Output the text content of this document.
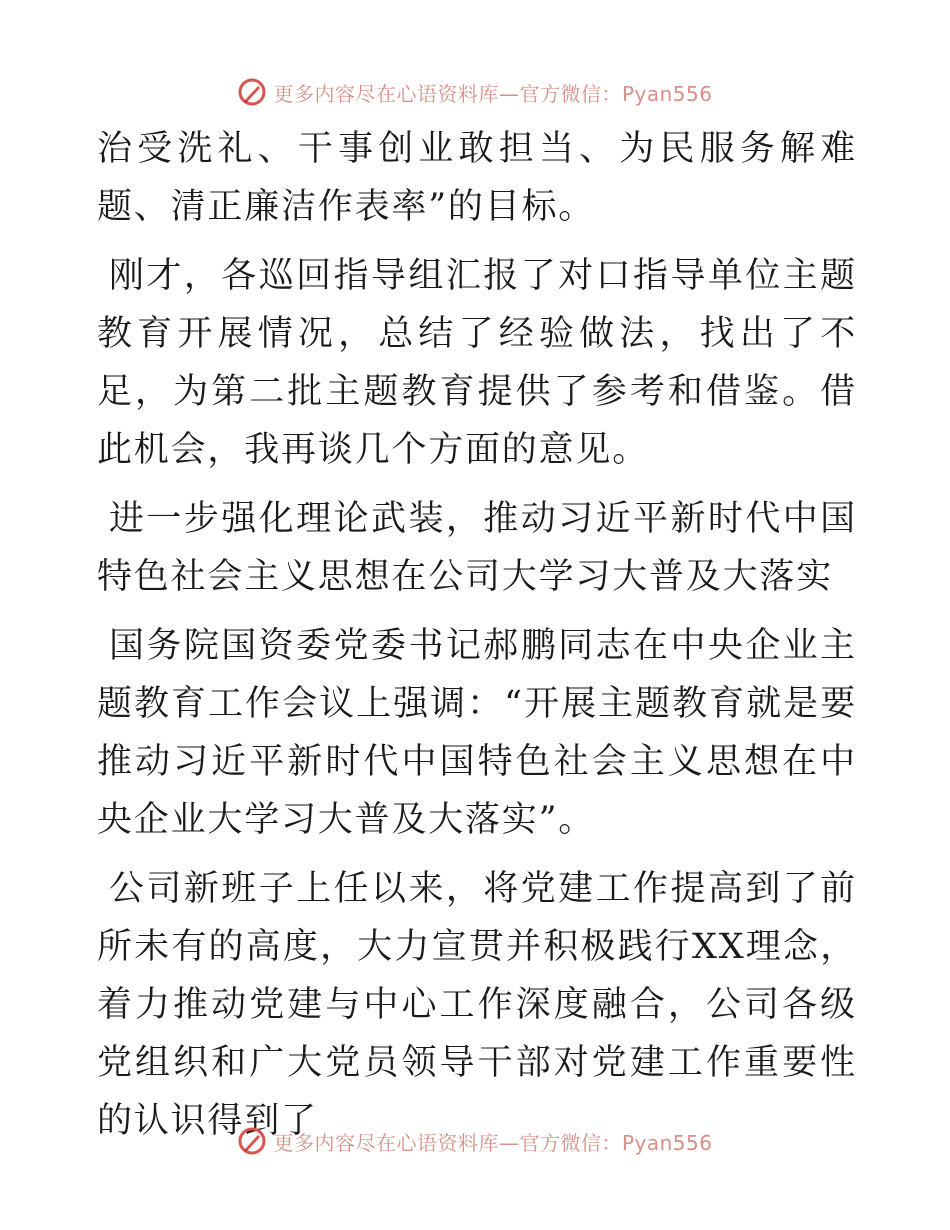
更多内容尽在心语资料库—官方微信：Pyan556

治受洗礼、干事创业敢担当、为民服务解难题、清正廉洁作表率”的目标。

刚才，各巡回指导组汇报了对口指导单位主题教育开展情况，总结了经验做法，找出了不足，为第二批主题教育提供了参考和借鉴。借此机会，我再谈几个方面的意见。

进一步强化理论武装，推动习近平新时代中国特色社会主义思想在公司大学习大普及大落实

国务院国资委党委书记郝鹏同志在中央企业主题教育工作会议上强调：“开展主题教育就是要推动习近平新时代中国特色社会主义思想在中央企业大学习大普及大落实”。

公司新班子上任以来，将党建工作提高到了前所未有的高度，大力宣贯并积极践行XX理念，着力推动党建与中心工作深度融合，公司各级党组织和广大党员领导干部对党建工作重要性的认识得到了

更多内容尽在心语资料库—官方微信：Pyan556
